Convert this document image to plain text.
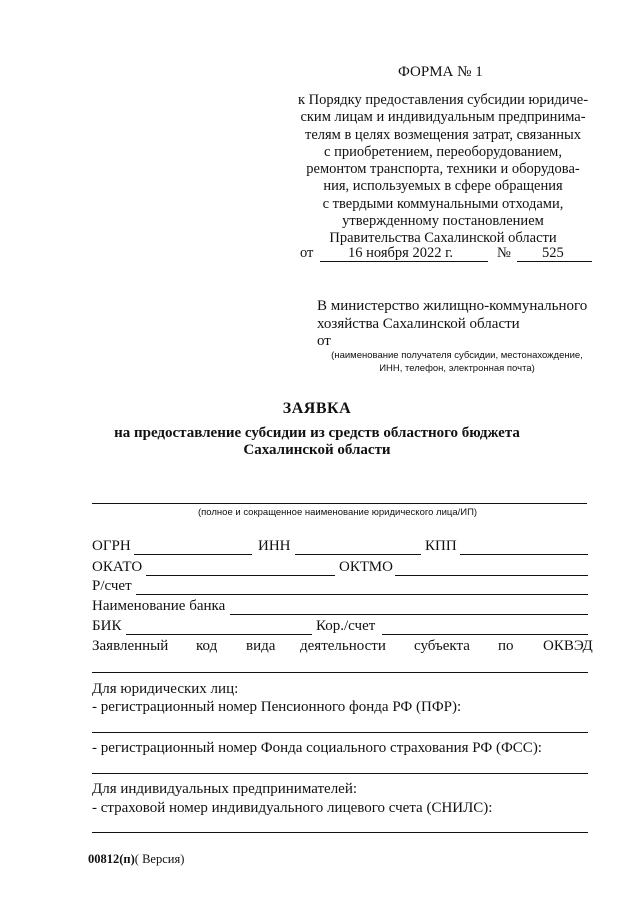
ФОРМА № 1
к Порядку предоставления субсидии юридиче-
ским лицам и индивидуальным предпринима-
телям в целях возмещения затрат, связанных
с приобретением, переоборудованием,
ремонтом транспорта, техники и оборудова-
ния, используемых в сфере обращения
с твердыми коммунальными отходами,
утвержденному постановлением
Правительства Сахалинской области
от 16 ноября 2022 г.	№ 525
В министерство жилищно-коммунального
хозяйства Сахалинской области
от
(наименование получателя субсидии, местонахождение,
ИНН, телефон, электронная почта)
ЗАЯВКА
на предоставление субсидии из средств областного бюджета
Сахалинской области
(полное и сокращенное наименование юридического лица/ИП)
ОГРН	ИНН	КПП
ОКАТО	ОКТМО
Р/счет
Наименование банка
БИК	Кор./счет
Заявленный код вида деятельности субъекта по ОКВЭД
Для юридических лиц:
- регистрационный номер Пенсионного фонда РФ (ПФР):
- регистрационный номер Фонда социального страхования РФ (ФСС):
Для индивидуальных предпринимателей:
- страховой номер индивидуального лицевого счета (СНИЛС):
00812(п)( Версия)
